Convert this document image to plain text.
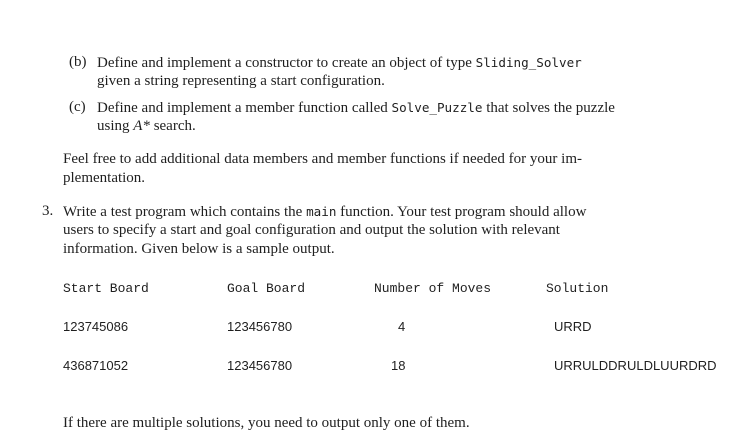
(b) Define and implement a constructor to create an object of type Sliding_Solver
given a string representing a start configuration.
(c) Define and implement a member function called Solve_Puzzle that solves the puzzle
using A* search.
Feel free to add additional data members and member functions if needed for your im-
plementation.
3. Write a test program which contains the main function. Your test program should allow
users to specify a start and goal configuration and output the solution with relevant
information. Given below is a sample output.
Start Board	Goal Board	Number of Moves	Solution
123745086	123456780	4	URRD
436871052	123456780	18	URRULDDRULDLUURDRD
If there are multiple solutions, you need to output only one of them.
